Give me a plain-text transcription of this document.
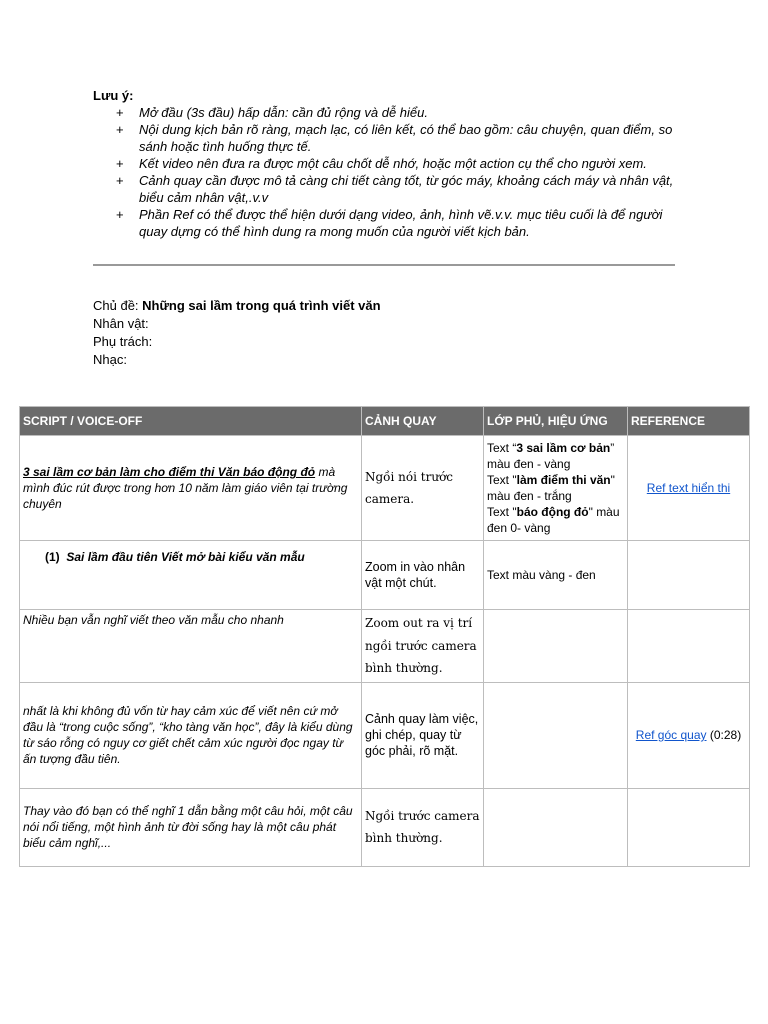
Lưu ý:
+ Mở đầu (3s đầu) hấp dẫn: cần đủ rộng và dễ hiểu.
+ Nội dung kịch bản rõ ràng, mạch lạc, có liên kết, có thể bao gồm: câu chuyện, quan điểm, so sánh hoặc tình huống thực tế.
+ Kết video nên đưa ra được một câu chốt dễ nhớ, hoặc một action cụ thể cho người xem.
+ Cảnh quay cần được mô tả càng chi tiết càng tốt, từ góc máy, khoảng cách máy và nhân vật, biểu cảm nhân vật,.v.v
+ Phần Ref có thể được thể hiện dưới dạng video, ảnh, hình vẽ.v.v. mục tiêu cuối là để người quay dựng có thể hình dung ra mong muốn của người viết kịch bản.
Chủ đề: Những sai lầm trong quá trình viết văn
Nhân vật:
Phụ trách:
Nhạc:
SCRIPT / VOICE-OFF	CẢNH QUAY	LỚP PHỦ, HIỆU ỨNG	REFERENCE
3 sai lầm cơ bản làm cho điểm thi Văn báo động đỏ mà mình đúc rút được trong hơn 10 năm làm giáo viên tại trường chuyên	Ngồi nói trước camera.	Text “3 sai lầm cơ bản” màu đen - vàng
Text "làm điểm thi văn" màu đen - trắng
Text "báo động đỏ" màu đen 0- vàng	Ref text hiển thi

(1) Sai lầm đầu tiên Viết mở bài kiểu văn mẫu	Zoom in vào nhân vật một chút.	Text màu vàng - đen	
Nhiều bạn vẫn nghĩ viết theo văn mẫu cho nhanh	Zoom out ra vị trí ngồi trước camera bình thường.		
nhất là khi không đủ vốn từ hay cảm xúc để viết nên cứ mở đầu là “trong cuộc sống”, “kho tàng văn học”, đây là kiểu dùng từ sáo rỗng có nguy cơ giết chết cảm xúc người đọc ngay từ ấn tượng đầu tiên.	Cảnh quay làm việc, ghi chép, quay từ góc phải, rõ mặt.		Ref góc quay (0:28)
Thay vào đó bạn có thể nghĩ 1 dẫn bằng một câu hỏi, một câu nói nổi tiếng, một hình ảnh từ đời sống hay là một câu phát biểu cảm nghĩ,...	Ngồi trước camera bình thường.		
